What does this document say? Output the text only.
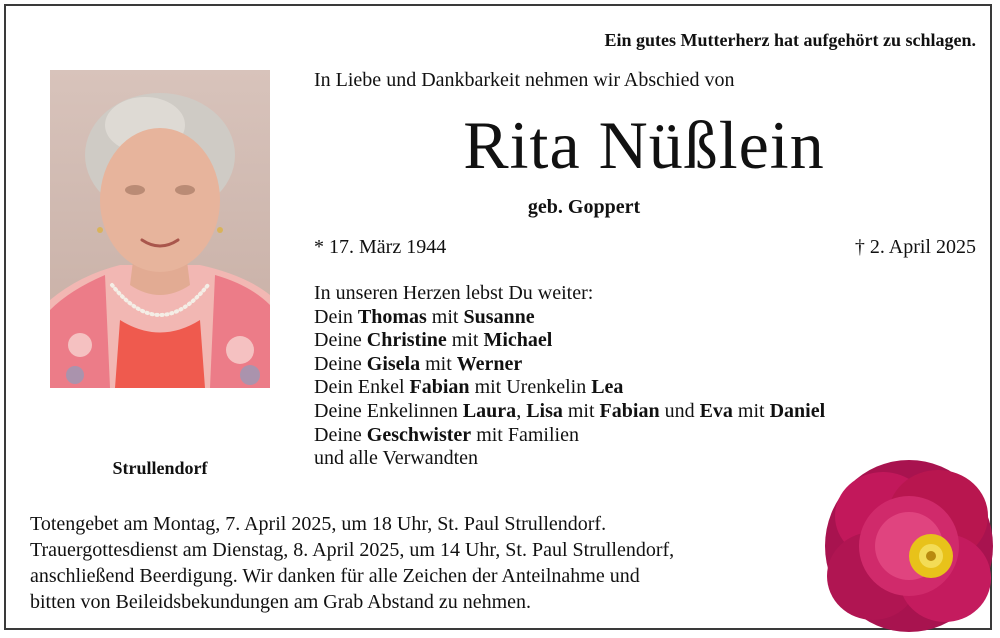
Ein gutes Mutterherz hat aufgehört zu schlagen.
In Liebe und Dankbarkeit nehmen wir Abschied von
Rita Nüßlein
geb. Goppert
* 17. März 1944	† 2. April 2025
Strullendorf
In unseren Herzen lebst Du weiter:
Dein Thomas mit Susanne
Deine Christine mit Michael
Deine Gisela mit Werner
Dein Enkel Fabian mit Urenkelin Lea
Deine Enkelinnen Laura, Lisa mit Fabian und Eva mit Daniel
Deine Geschwister mit Familien
und alle Verwandten
Totengebet am Montag, 7. April 2025, um 18 Uhr, St. Paul Strullendorf.
Trauergottesdienst am Dienstag, 8. April 2025, um 14 Uhr, St. Paul Strullendorf,
anschließend Beerdigung. Wir danken für alle Zeichen der Anteilnahme und
bitten von Beileidsbekundungen am Grab Abstand zu nehmen.
